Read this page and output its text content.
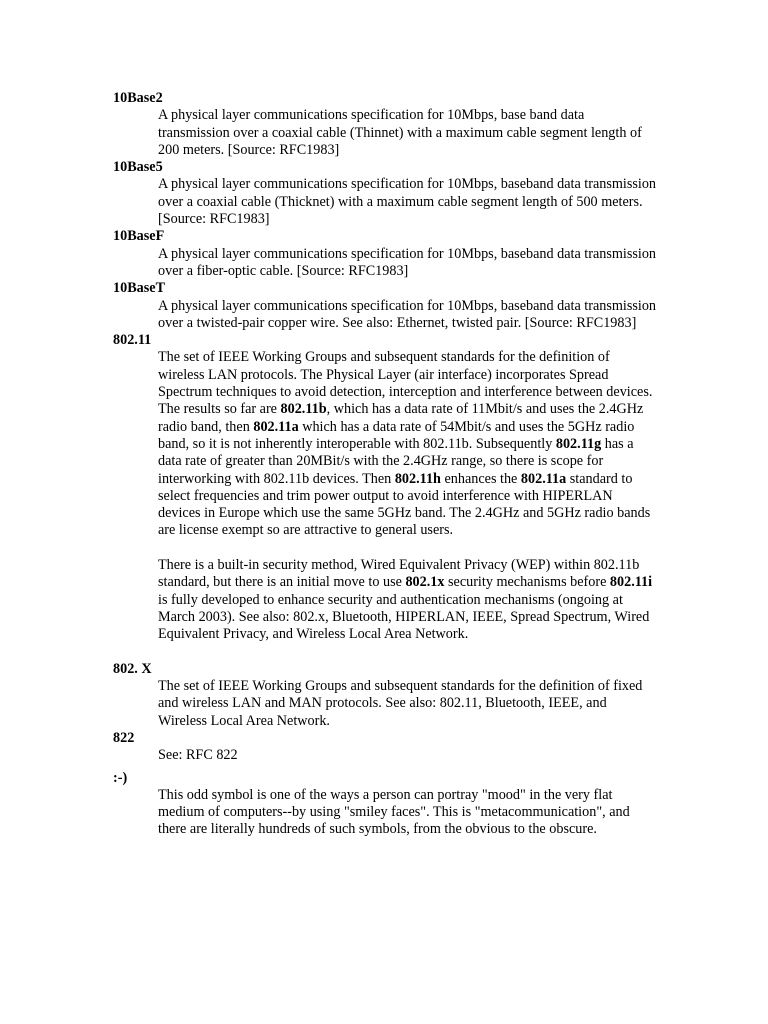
10Base2

A physical layer communications specification for 10Mbps, base band data transmission over a coaxial cable (Thinnet) with a maximum cable segment length of 200 meters. [Source: RFC1983]

10Base5

A physical layer communications specification for 10Mbps, baseband data transmission over a coaxial cable (Thicknet) with a maximum cable segment length of 500 meters. [Source: RFC1983]

10BaseF

A physical layer communications specification for 10Mbps, baseband data transmission over a fiber-optic cable. [Source: RFC1983]

10BaseT

A physical layer communications specification for 10Mbps, baseband data transmission over a twisted-pair copper wire. See also: Ethernet, twisted pair. [Source: RFC1983]

802.11

The set of IEEE Working Groups and subsequent standards for the definition of wireless LAN protocols. The Physical Layer (air interface) incorporates Spread Spectrum techniques to avoid detection, interception and interference between devices. The results so far are 802.11b, which has a data rate of 11Mbit/s and uses the 2.4GHz radio band, then 802.11a which has a data rate of 54Mbit/s and uses the 5GHz radio band, so it is not inherently interoperable with 802.11b. Subsequently 802.11g has a data rate of greater than 20MBit/s with the 2.4GHz range, so there is scope for interworking with 802.11b devices. Then 802.11h enhances the 802.11a standard to select frequencies and trim power output to avoid interference with HIPERLAN devices in Europe which use the same 5GHz band. The 2.4GHz and 5GHz radio bands are license exempt so are attractive to general users.

There is a built-in security method, Wired Equivalent Privacy (WEP) within 802.11b standard, but there is an initial move to use 802.1x security mechanisms before 802.11i is fully developed to enhance security and authentication mechanisms (ongoing at March 2003). See also: 802.x, Bluetooth, HIPERLAN, IEEE, Spread Spectrum, Wired Equivalent Privacy, and Wireless Local Area Network.

802. X

The set of IEEE Working Groups and subsequent standards for the definition of fixed and wireless LAN and MAN protocols. See also: 802.11, Bluetooth, IEEE, and Wireless Local Area Network.

822

See: RFC 822

:-)

This odd symbol is one of the ways a person can portray "mood" in the very flat medium of computers--by using "smiley faces". This is "metacommunication", and there are literally hundreds of such symbols, from the obvious to the obscure.
